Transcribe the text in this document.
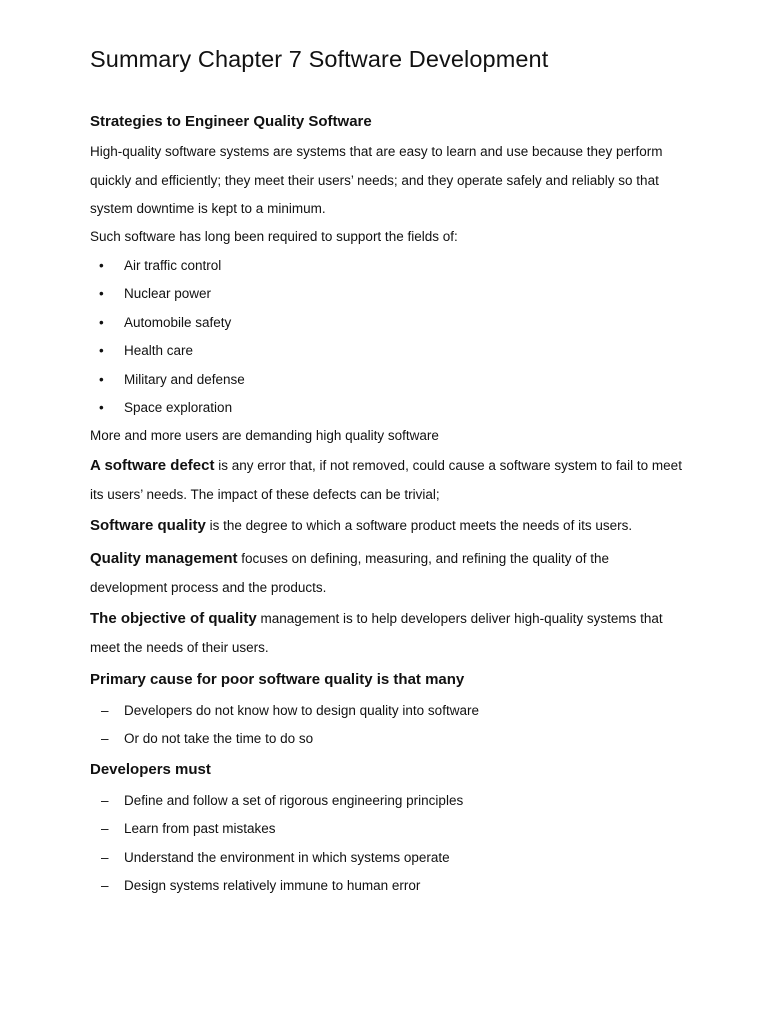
Summary Chapter 7 Software Development
Strategies to Engineer Quality Software

High-quality software systems are systems that are easy to learn and use because they perform quickly and efficiently; they meet their users’ needs; and they operate safely and reliably so that system downtime is kept to a minimum.

Such software has long been required to support the fields of:

• Air traffic control
• Nuclear power
• Automobile safety
• Health care
• Military and defense
• Space exploration

More and more users are demanding high quality software

A software defect is any error that, if not removed, could cause a software system to fail to meet its users’ needs. The impact of these defects can be trivial;

Software quality is the degree to which a software product meets the needs of its users.

Quality management focuses on defining, measuring, and refining the quality of the development process and the products.

The objective of quality management is to help developers deliver high-quality systems that meet the needs of their users.

Primary cause for poor software quality is that many
– Developers do not know how to design quality into software
– Or do not take the time to do so
Developers must
– Define and follow a set of rigorous engineering principles
– Learn from past mistakes
– Understand the environment in which systems operate
– Design systems relatively immune to human error
